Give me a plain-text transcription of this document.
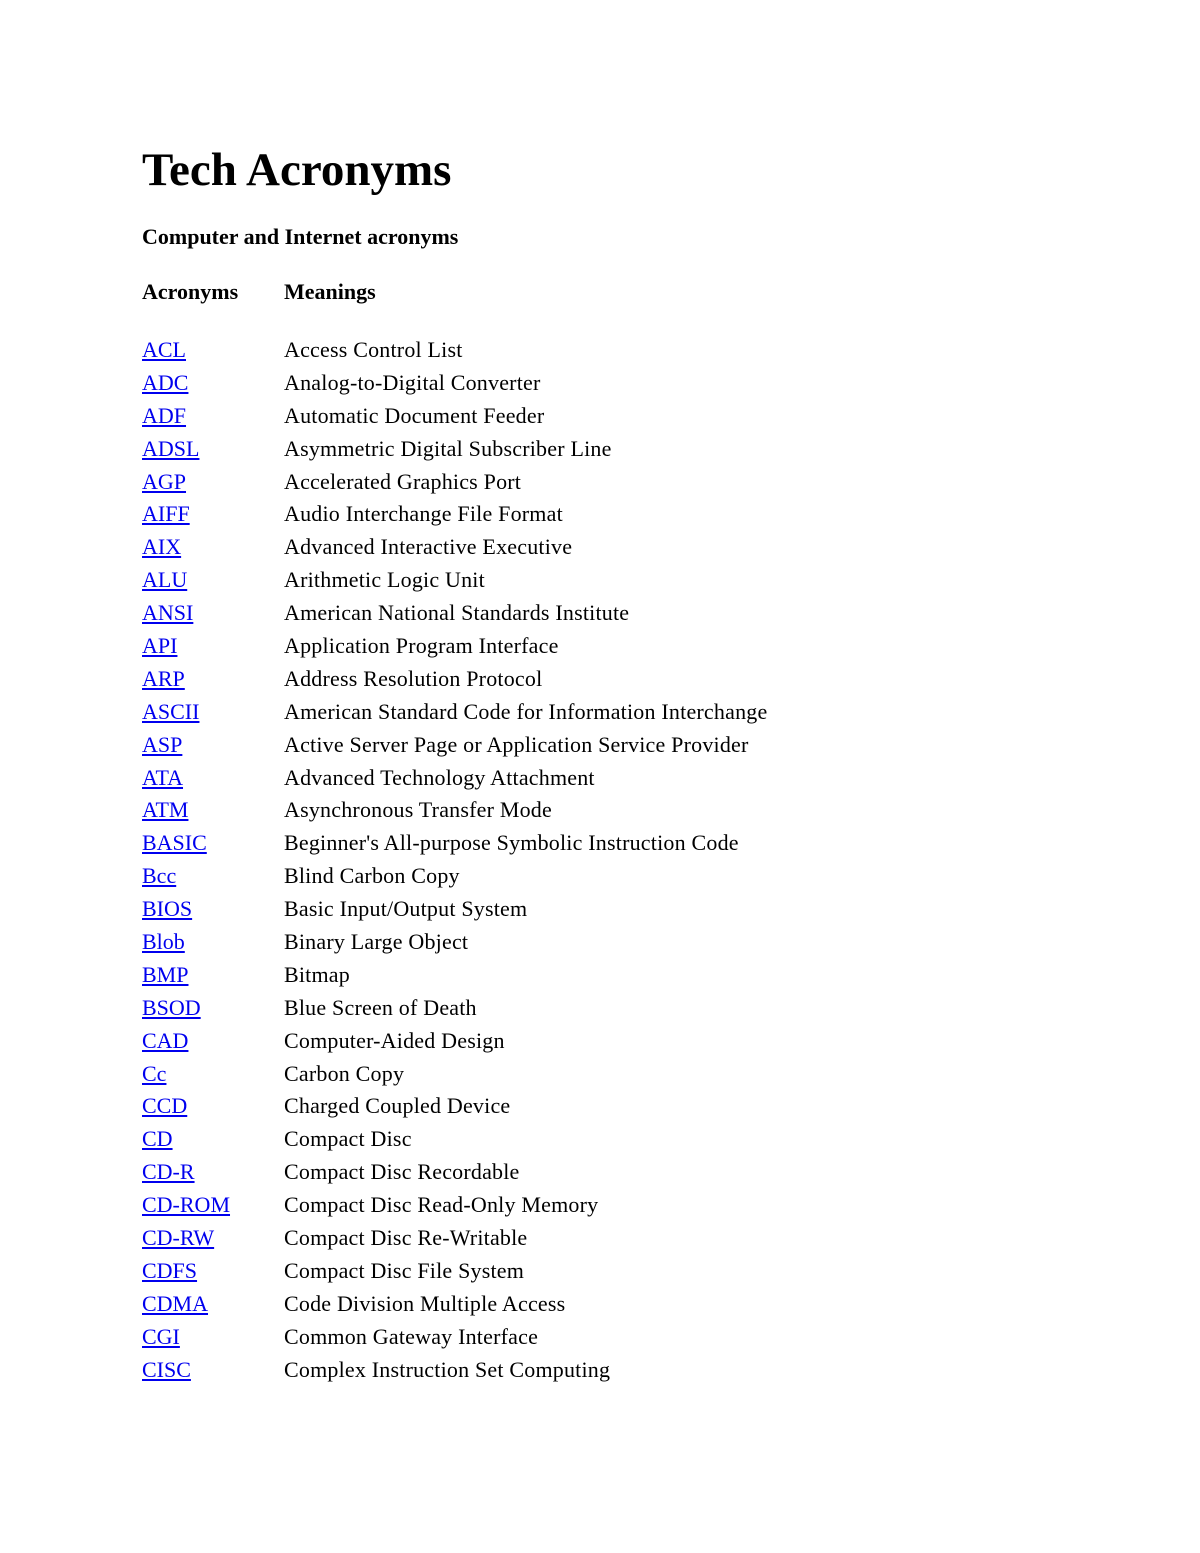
Tech Acronyms
Computer and Internet acronyms
Acronyms Meanings
ACL	Access Control List
ADC	Analog-to-Digital Converter
ADF	Automatic Document Feeder
ADSL	Asymmetric Digital Subscriber Line
AGP	Accelerated Graphics Port
AIFF	Audio Interchange File Format
AIX	Advanced Interactive Executive
ALU	Arithmetic Logic Unit
ANSI	American National Standards Institute
API	Application Program Interface
ARP	Address Resolution Protocol
ASCII	American Standard Code for Information Interchange
ASP	Active Server Page or Application Service Provider
ATA	Advanced Technology Attachment
ATM	Asynchronous Transfer Mode
BASIC	Beginner's All-purpose Symbolic Instruction Code
Bcc	Blind Carbon Copy
BIOS	Basic Input/Output System
Blob	Binary Large Object
BMP	Bitmap
BSOD	Blue Screen of Death
CAD	Computer-Aided Design
Cc	Carbon Copy
CCD	Charged Coupled Device
CD	Compact Disc
CD-R	Compact Disc Recordable
CD-ROM Compact Disc Read-Only Memory
CD-RW	Compact Disc Re-Writable
CDFS	Compact Disc File System
CDMA	Code Division Multiple Access
CGI	Common Gateway Interface
CISC	Complex Instruction Set Computing
